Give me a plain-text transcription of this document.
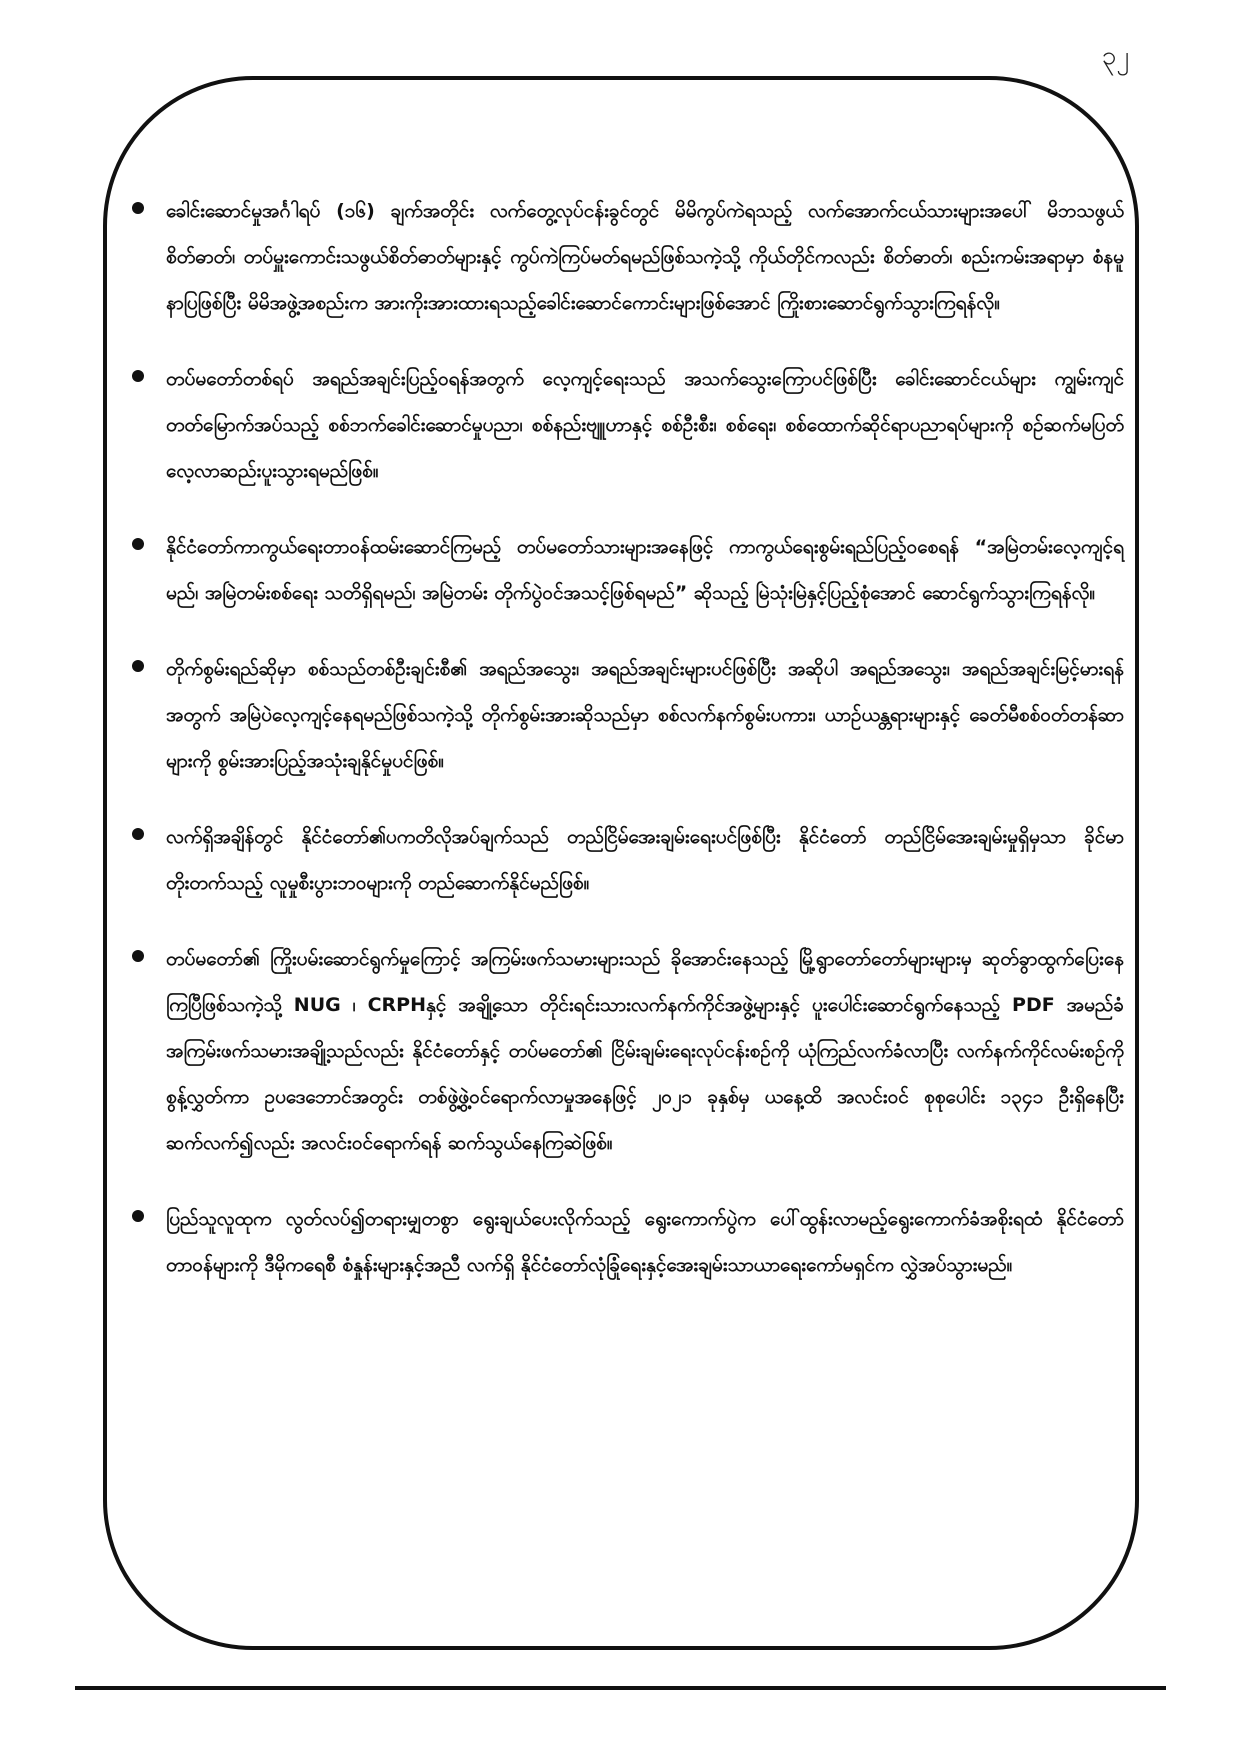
၃၂
ခေါင်းဆောင်မှုအင်္ဂါရပ် (၁၆) ချက်အတိုင်း လက်တွေ့လုပ်ငန်းခွင်တွင် မိမိကွပ်ကဲရသည့် လက်အောက်ငယ်သားများအပေါ် မိဘသဖွယ်စိတ်ဓာတ်၊ တပ်မှူးကောင်းသဖွယ်စိတ်ဓာတ်များနှင့် ကွပ်ကဲကြပ်မတ်ရမည်ဖြစ်သကဲ့သို့ ကိုယ်တိုင်ကလည်း စိတ်ဓာတ်၊ စည်းကမ်းအရာမှာ စံနမူနာပြဖြစ်ပြီး မိမိအဖွဲ့အစည်းက အားကိုးအားထားရသည့်ခေါင်းဆောင်ကောင်းများဖြစ်အောင် ကြိုးစားဆောင်ရွက်သွားကြရန်လို။
တပ်မတော်တစ်ရပ် အရည်အချင်းပြည့်ဝရန်အတွက် လေ့ကျင့်ရေးသည် အသက်သွေးကြောပင်ဖြစ်ပြီး ခေါင်းဆောင်ငယ်များ ကျွမ်းကျင်တတ်မြောက်အပ်သည့် စစ်ဘက်ခေါင်းဆောင်မှုပညာ၊ စစ်နည်းဗျူဟာနှင့် စစ်ဦးစီး၊ စစ်ရေး၊ စစ်ထောက်ဆိုင်ရာပညာရပ်များကို စဉ်ဆက်မပြတ် လေ့လာဆည်းပူးသွားရမည်ဖြစ်။
နိုင်ငံတော်ကာကွယ်ရေးတာဝန်ထမ်းဆောင်ကြမည့် တပ်မတော်သားများအနေဖြင့် ကာကွယ်ရေးစွမ်းရည်ပြည့်ဝစေရန် “အမြဲတမ်းလေ့ကျင့်ရမည်၊ အမြဲတမ်းစစ်ရေး သတိရှိရမည်၊ အမြဲတမ်း တိုက်ပွဲဝင်အသင့်ဖြစ်ရမည်” ဆိုသည့် မြဲသုံးမြဲနှင့်ပြည့်စုံအောင် ဆောင်ရွက်သွားကြရန်လို။
တိုက်စွမ်းရည်ဆိုမှာ စစ်သည်တစ်ဦးချင်းစီ၏ အရည်အသွေး၊ အရည်အချင်းများပင်ဖြစ်ပြီး အဆိုပါ အရည်အသွေး၊ အရည်အချင်းမြင့်မားရန်အတွက် အမြဲပဲလေ့ကျင့်နေရမည်ဖြစ်သကဲ့သို့ တိုက်စွမ်းအားဆိုသည်မှာ စစ်လက်နက်စွမ်းပကား၊ ယာဉ်ယန္တရားများနှင့် ခေတ်မီစစ်ဝတ်တန်ဆာများကို စွမ်းအားပြည့်အသုံးချနိုင်မှုပင်ဖြစ်။
လက်ရှိအချိန်တွင် နိုင်ငံတော်၏ပကတိလိုအပ်ချက်သည် တည်ငြိမ်အေးချမ်းရေးပင်ဖြစ်ပြီး နိုင်ငံတော် တည်ငြိမ်အေးချမ်းမှုရှိမှသာ ခိုင်မာတိုးတက်သည့် လူမှုစီးပွားဘဝများကို တည်ဆောက်နိုင်မည်ဖြစ်။
တပ်မတော်၏ ကြိုးပမ်းဆောင်ရွက်မှုကြောင့် အကြမ်းဖက်သမားများသည် ခိုအောင်းနေသည့် မြို့ရွာတော်တော်များများမှ ဆုတ်ခွာထွက်ပြေးနေကြပြီဖြစ်သကဲ့သို့ NUG ၊ CRPHနှင့် အချို့သော တိုင်းရင်းသားလက်နက်ကိုင်အဖွဲ့များနှင့် ပူးပေါင်းဆောင်ရွက်နေသည့် PDF အမည်ခံအကြမ်းဖက်သမားအချို့သည်လည်း နိုင်ငံတော်နှင့် တပ်မတော်၏ ငြိမ်းချမ်းရေးလုပ်ငန်းစဉ်ကို ယုံကြည်လက်ခံလာပြီး လက်နက်ကိုင်လမ်းစဉ်ကို စွန့်လွှတ်ကာ ဥပဒေဘောင်အတွင်း တစ်ဖွဲ့ဖွဲ့ဝင်ရောက်လာမှုအနေဖြင့် ၂၀၂၁ ခုနှစ်မှ ယနေ့ထိ အလင်းဝင် စုစုပေါင်း ၁၃၄၁ ဦးရှိနေပြီး ဆက်လက်၍လည်း အလင်းဝင်ရောက်ရန် ဆက်သွယ်နေကြဆဲဖြစ်။
ပြည်သူလူထုက လွတ်လပ်၍တရားမျှတစွာ ရွေးချယ်ပေးလိုက်သည့် ရွေးကောက်ပွဲက ပေါ်ထွန်းလာမည့်ရွေးကောက်ခံအစိုးရထံ နိုင်ငံတော်တာဝန်များကို ဒီမိုကရေစီ စံနှုန်းများနှင့်အညီ လက်ရှိ နိုင်ငံတော်လုံခြုံရေးနှင့်အေးချမ်းသာယာရေးကော်မရှင်က လွှဲအပ်သွားမည်။
